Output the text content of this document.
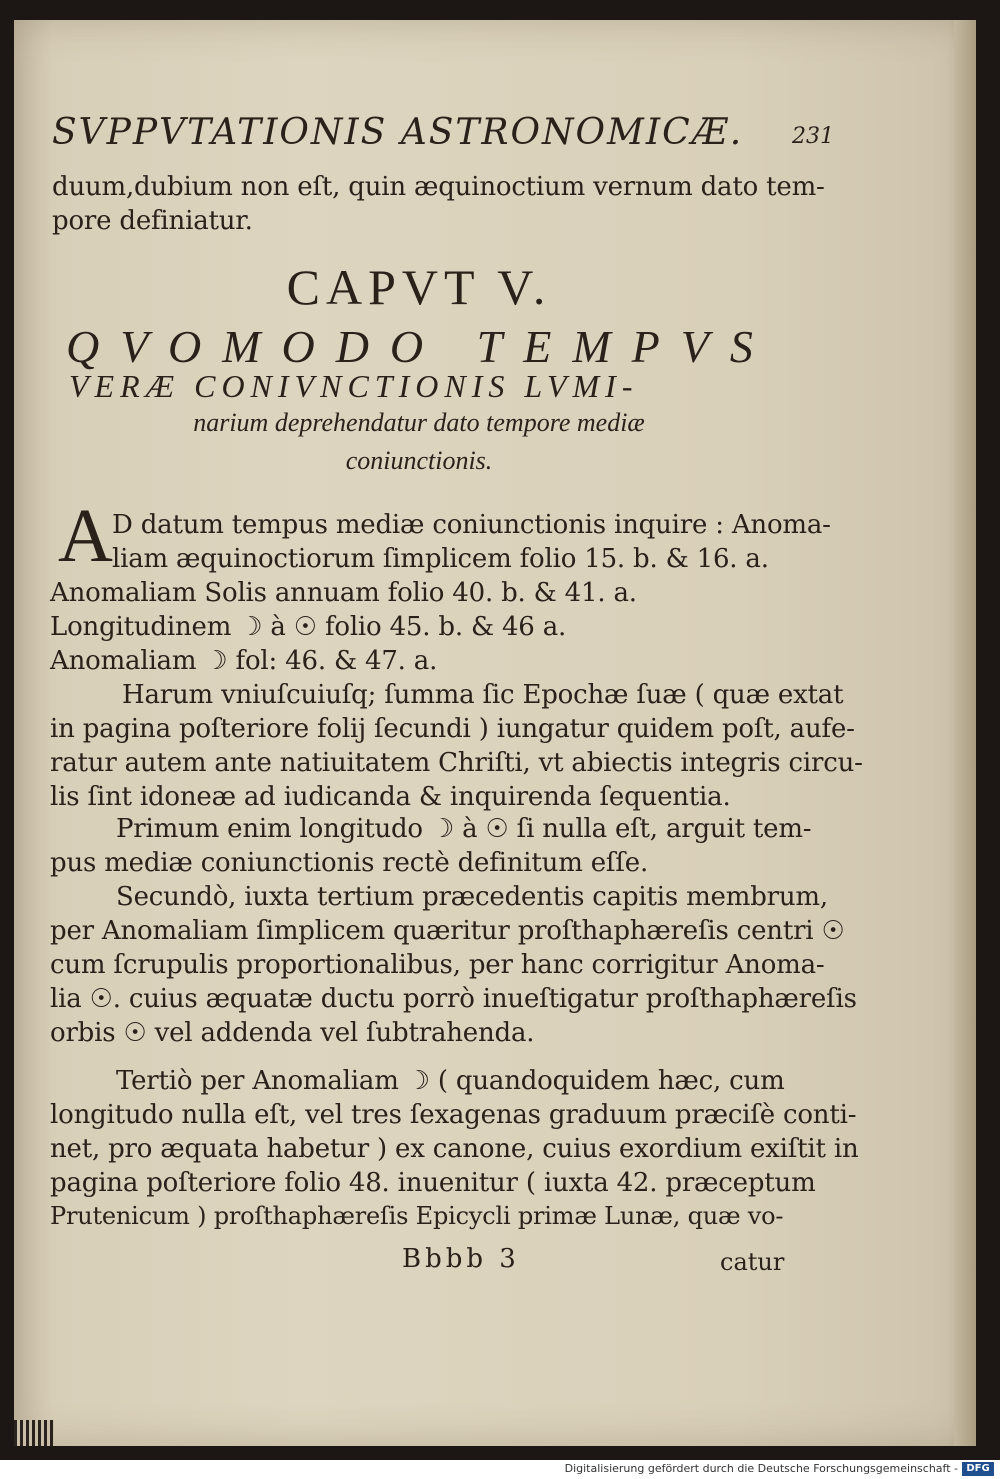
SVPPVTATIONIS ASTRONOMICÆ.	231
duum,dubium non eſt, quin æquinoctium vernum dato tem-
pore definiatur.
CAPVT V.
QVOMODO TEMPVS
VERÆ CONIVNCTIONIS LVMI-
narium deprehendatur dato tempore mediæ
coniunctionis.
A D datum tempus mediæ coniunctionis inquire : Anoma-
liam æquinoctiorum ſimplicem folio 15. b. & 16. a.
Anomaliam Solis annuam folio 40. b. & 41. a.
Longitudinem ☽ à ☉ folio 45. b. & 46 a.
Anomaliam ☽ fol: 46. & 47. a.
Harum vniuſcuiuſq; ſumma ſic Epochæ ſuæ ( quæ extat
in pagina poſteriore folij ſecundi ) iungatur quidem poſt, aufe-
ratur autem ante natiuitatem Chriſti, vt abiectis integris circu-
lis ſint idoneæ ad iudicanda & inquirenda ſequentia.
Primum enim longitudo ☽ à ☉ ſi nulla eſt, arguit tem-
pus mediæ coniunctionis rectè definitum eſſe.
Secundò, iuxta tertium præcedentis capitis membrum,
per Anomaliam ſimplicem quæritur proſthaphæreſis centri ☉
cum ſcrupulis proportionalibus, per hanc corrigitur Anoma-
lia ☉. cuius æquatæ ductu porrò inueſtigatur proſthaphæreſis
orbis ☉ vel addenda vel ſubtrahenda.
Tertiò per Anomaliam ☽ ( quandoquidem hæc, cum
longitudo nulla eſt, vel tres ſexagenas graduum præciſè conti-
net, pro æquata habetur ) ex canone, cuius exordium exiſtit in
pagina poſteriore folio 48. inuenitur ( iuxta 42. præceptum
Prutenicum ) proſthaphæreſis Epicycli primæ Lunæ, quæ vo-
Bbbb 3	catur
Digitalisierung gefördert durch die Deutsche Forschungsgemeinschaft - DFG
